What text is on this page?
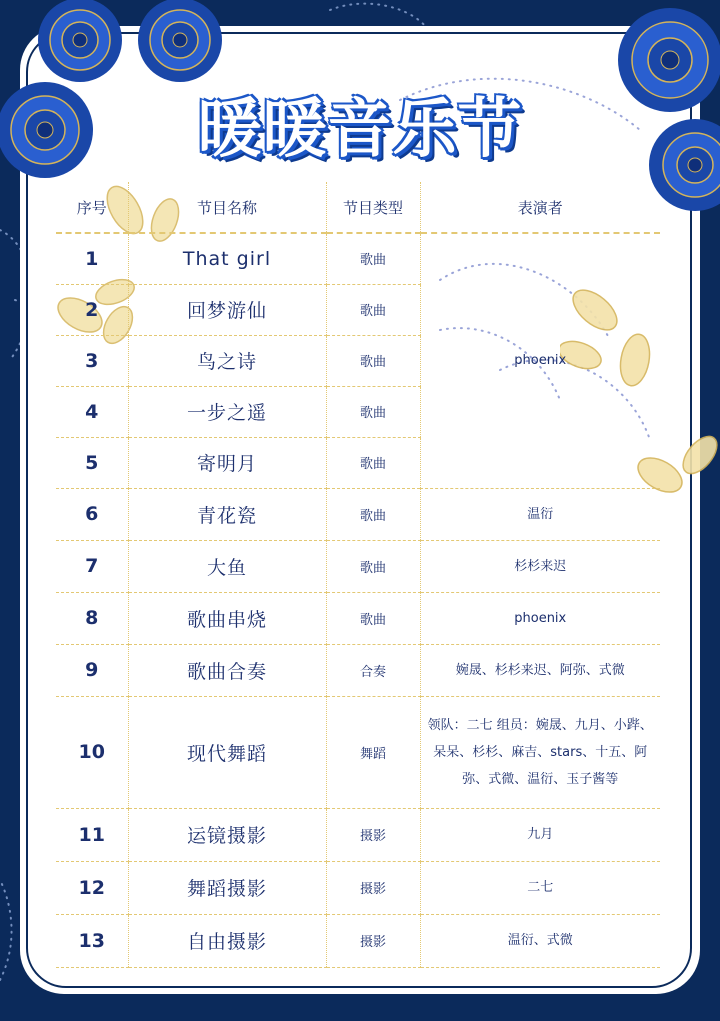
暖暖音乐节
序号	节目名称	节目类型	表演者
1	That girl	歌曲	phoenix
2	回梦游仙	歌曲	
3	鸟之诗	歌曲	
4	一步之遥	歌曲	
5	寄明月	歌曲	
6	青花瓷	歌曲	温衍
7	大鱼	歌曲	杉杉来迟
8	歌曲串烧	歌曲	phoenix
9	歌曲合奏	合奏	婉晟、杉杉来迟、阿弥、式微
10	现代舞蹈	舞蹈	领队：二七 组员：婉晟、九月、小跸、呆呆、杉杉、麻吉、stars、十五、阿弥、式微、温衍、玉子酱等
11	运镜摄影	摄影	九月
12	舞蹈摄影	摄影	二七
13	自由摄影	摄影	温衍、式微
